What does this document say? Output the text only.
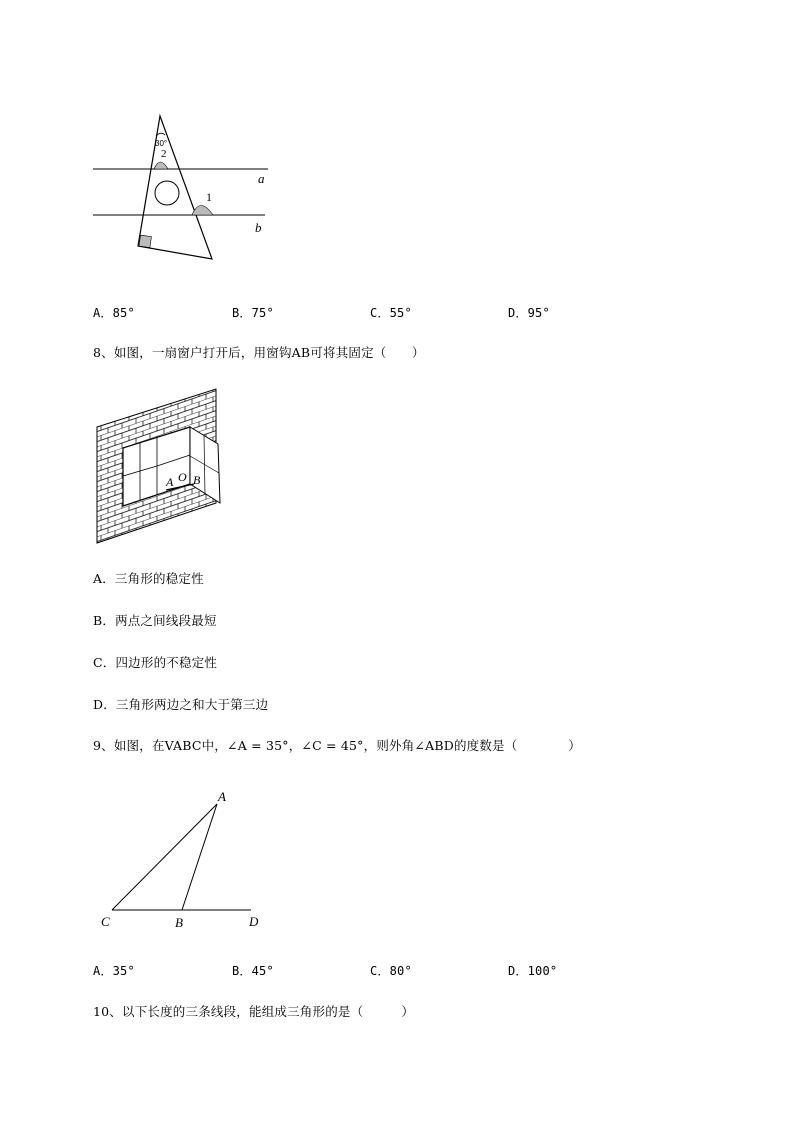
30°
2
1
a
b
A．85°	B．75°	C．55°	D．95°
8、如图，一扇窗户打开后，用窗钩AB可将其固定（　　）
A O B
A．三角形的稳定性
B．两点之间线段最短
C．四边形的不稳定性
D．三角形两边之和大于第三边
9、如图，在VABC中，∠A = 35°，∠C = 45°，则外角∠ABD的度数是（　　　　）
A
C	B	D
A．35°	B．45°	C．80°	D．100°
10、以下长度的三条线段，能组成三角形的是（　　　）
